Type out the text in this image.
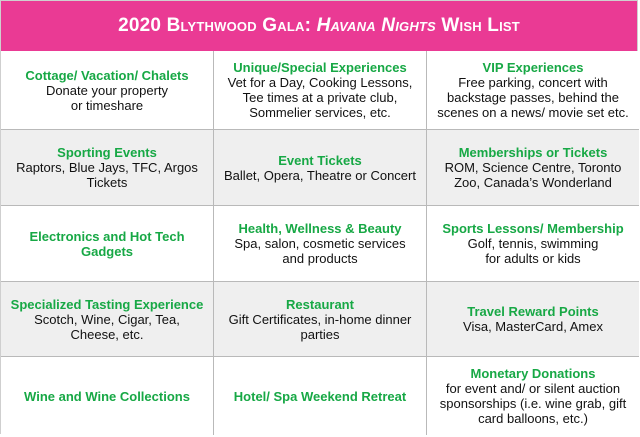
2020
Blythwood Gala:
Havana Nights
Wish List
Cottage/ Vacation/ Chalets
Donate your property
or timeshare
Unique/Special Experiences
Vet for a Day, Cooking Lessons,
Tee times at a private club,
Sommelier services, etc.
VIP Experiences
Free parking, concert with
backstage passes, behind the
scenes on a news/ movie set etc.
Sporting Events
Raptors, Blue Jays, TFC, Argos
Tickets
Event Tickets
Ballet, Opera, Theatre or Concert
Memberships or Tickets
ROM, Science Centre, Toronto
Zoo, Canada’s Wonderland
Electronics and Hot Tech Gadgets
Health, Wellness & Beauty
Spa, salon, cosmetic services
and products
Sports Lessons/ Membership
Golf, tennis, swimming
for adults or kids
Specialized Tasting Experience
Scotch, Wine, Cigar, Tea,
Cheese, etc.
Restaurant
Gift Certificates, in-home dinner
parties
Travel Reward Points
Visa, MasterCard, Amex
Wine and Wine Collections	Hotel/ Spa Weekend Retreat
Monetary Donations
for event and/ or silent auction
sponsorships (i.e. wine grab, gift
card balloons, etc.)
